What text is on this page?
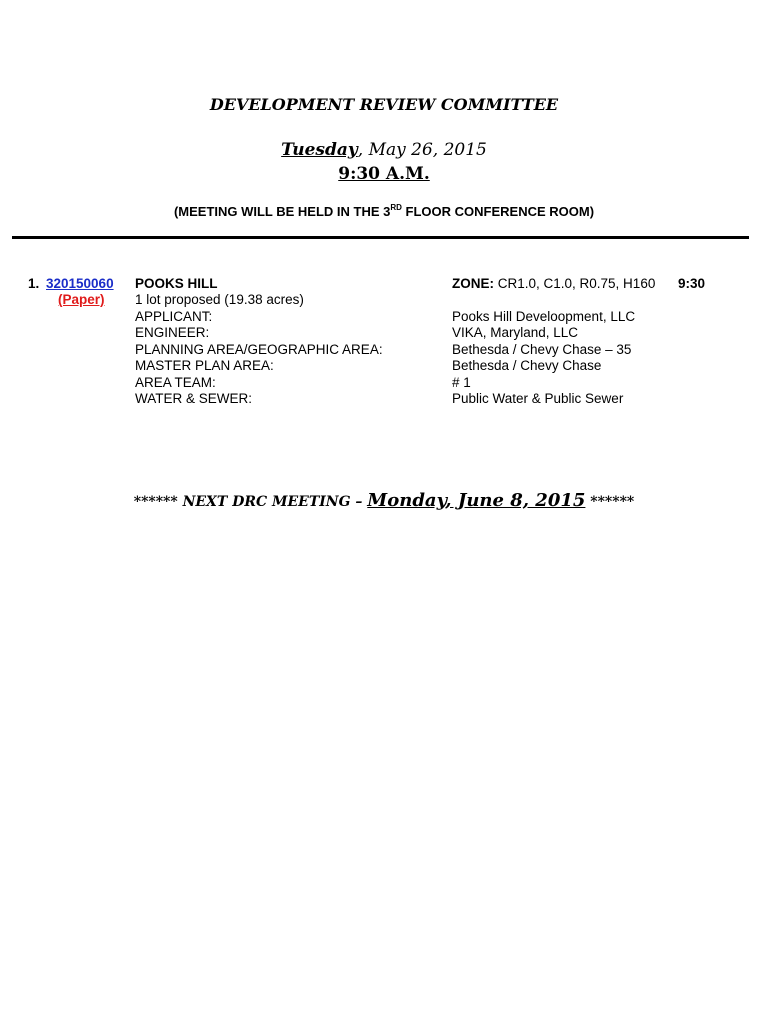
DEVELOPMENT REVIEW COMMITTEE
Tuesday, May 26, 2015
9:30 A.M.
(MEETING WILL BE HELD IN THE 3RD FLOOR CONFERENCE ROOM)
1. 320150060
(Paper)
POOKS HILL	ZONE: CR1.0, C1.0, R0.75, H160 9:30
1 lot proposed (19.38 acres)
APPLICANT:	Pooks Hill Develoopment, LLC
ENGINEER:	VIKA, Maryland, LLC
PLANNING AREA/GEOGRAPHIC AREA:	Bethesda / Chevy Chase – 35
MASTER PLAN AREA:	Bethesda / Chevy Chase
AREA TEAM:	# 1
WATER & SEWER:	Public Water & Public Sewer
****** NEXT DRC MEETING – Monday, June 8, 2015 ******
